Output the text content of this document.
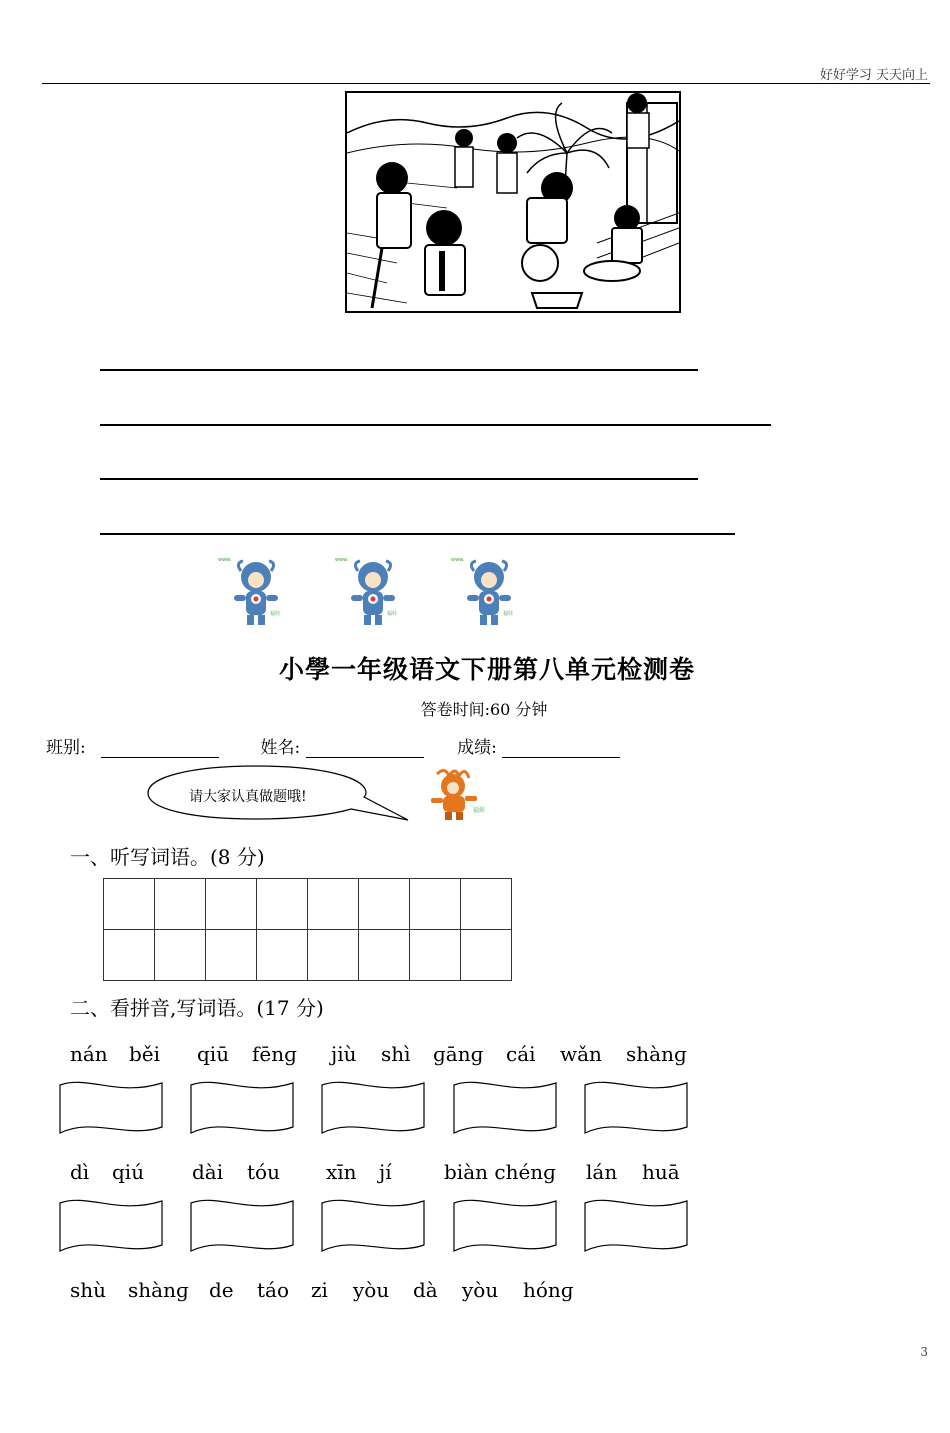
好好学习 天天向上
www.
福娃
www.
福娃
www.
福娃
小學一年级语文下册第八单元检测卷
答卷时间:60 分钟
班别:	姓名:	成绩:
请大家认真做题哦!
福娃
一、听写词语。(8 分)

二、看拼音,写词语。(17 分)
nán běi qiū fēnɡ jiù shì ɡānɡ cái wǎn shànɡ
dì qiú dài tóu xīn jí	biàn chénɡ lán huā
shù shànɡ de táo zi yòu dà yòu hónɡ
3
